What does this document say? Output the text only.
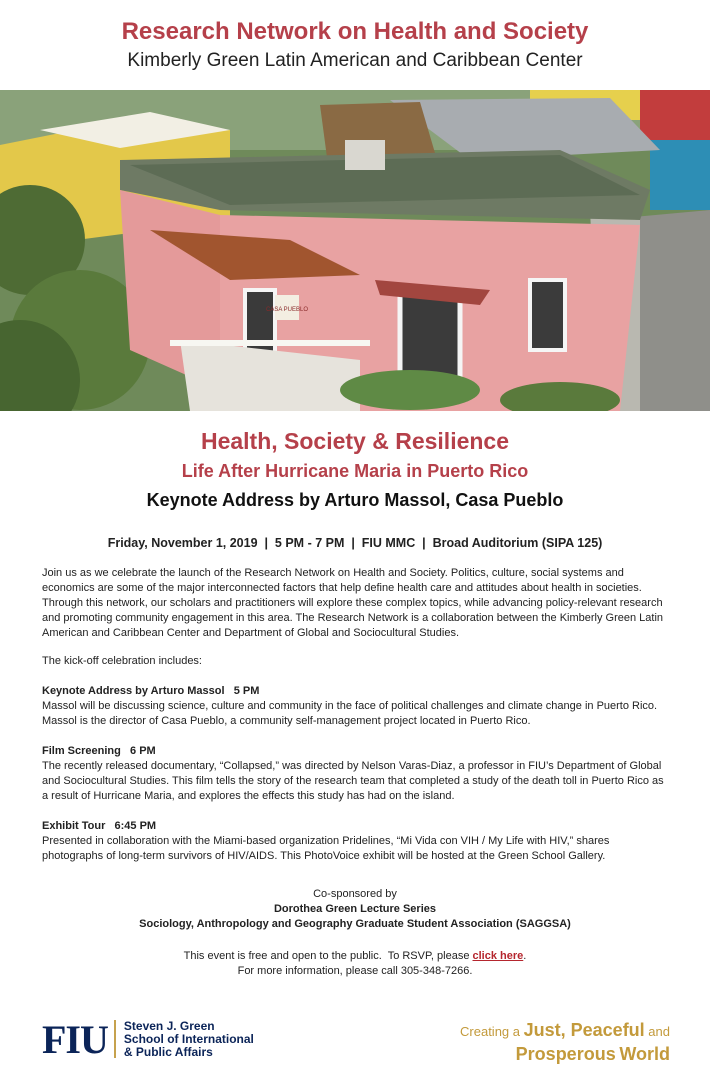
Research Network on Health and Society
Kimberly Green Latin American and Caribbean Center
CASA PUEBLO
Health, Society & Resilience
Life After Hurricane Maria in Puerto Rico
Keynote Address by Arturo Massol, Casa Pueblo
Friday, November 1, 2019  |  5 PM - 7 PM  |  FIU MMC  |  Broad Auditorium (SIPA 125)

Join us as we celebrate the launch of the Research Network on Health and Society. Politics, culture, social systems and economics are some of the major interconnected factors that help define health care and attitudes about health in societies. Through this network, our scholars and practitioners will explore these complex topics, while advancing policy-relevant research and promoting community engagement in this area. The Research Network is a collaboration between the Kimberly Green Latin American and Caribbean Center and Department of Global and Sociocultural Studies.

The kick-off celebration includes:

Keynote Address by Arturo Massol   5 PM

Massol will be discussing science, culture and community in the face of political challenges and climate change in Puerto Rico. Massol is the director of Casa Pueblo, a community self-management project located in Puerto Rico.

Film Screening   6 PM

The recently released documentary, “Collapsed,” was directed by Nelson Varas-Diaz, a professor in FIU’s Department of Global and Sociocultural Studies. This film tells the story of the research team that completed a study of the death toll in Puerto Rico as a result of Hurricane Maria, and explores the effects this study has had on the island.

Exhibit Tour   6:45 PM

Presented in collaboration with the Miami-based organization Pridelines, “Mi Vida con VIH / My Life with HIV,” shares photographs of long-term survivors of HIV/AIDS. This PhotoVoice exhibit will be hosted at the Green School Gallery.

Co-sponsored by
Dorothea Green Lecture Series
Sociology, Anthropology and Geography Graduate Student Association (SAGGSA)
This event is free and open to the public.  To RSVP, please click here.
For more information, please call 305-348-7266.
FIU Steven J. Green
School of International
& Public Affairs
Creating a Just, Peaceful and
Prosperous World
